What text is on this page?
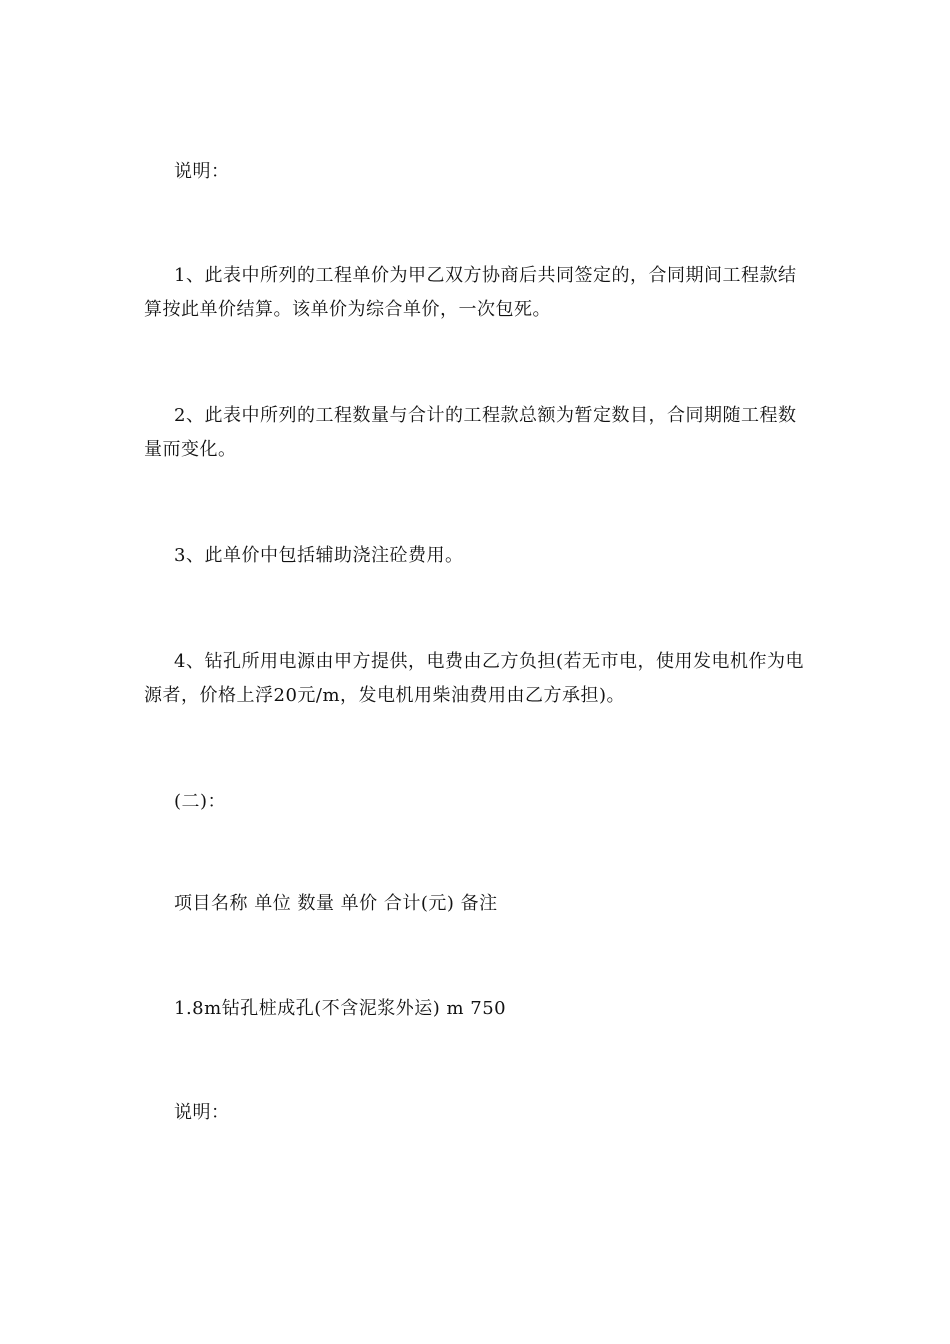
说明：

1、此表中所列的工程单价为甲乙双方协商后共同签定的，合同期间工程款结算按此单价结算。该单价为综合单价，一次包死。

2、此表中所列的工程数量与合计的工程款总额为暂定数目，合同期随工程数量而变化。

3、此单价中包括辅助浇注砼费用。

4、钻孔所用电源由甲方提供，电费由乙方负担(若无市电，使用发电机作为电源者，价格上浮20元/m，发电机用柴油费用由乙方承担)。

(二)：

项目名称 单位 数量 单价 合计(元) 备注

1.8m钻孔桩成孔(不含泥浆外运) m 750

说明：
